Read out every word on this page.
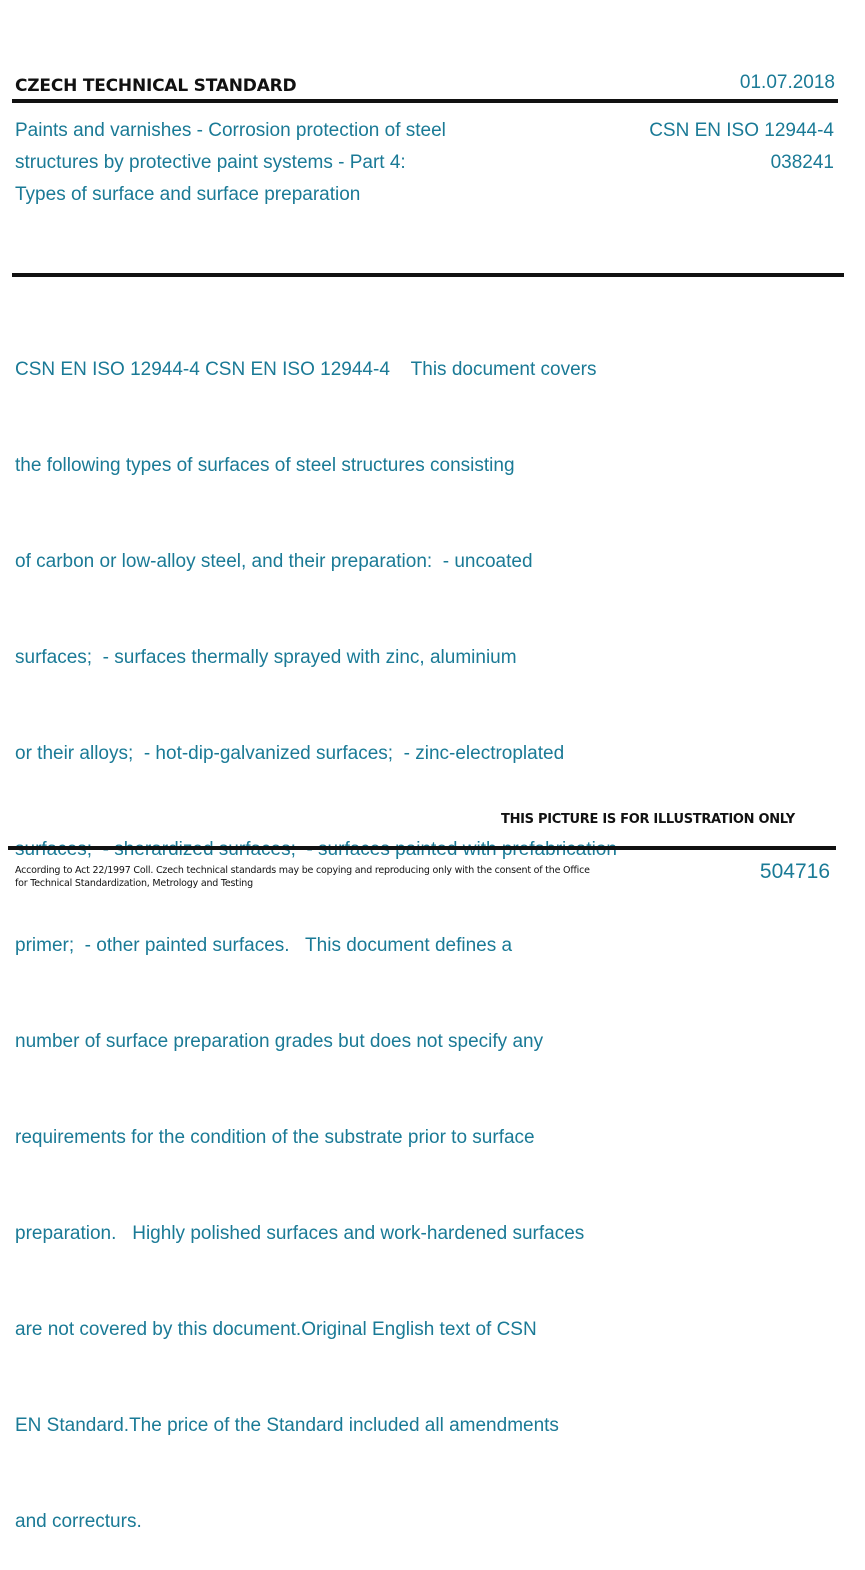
CZECH TECHNICAL STANDARD	01.07.2018
Paints and varnishes - Corrosion protection of steel
structures by protective paint systems - Part 4:
Types of surface and surface preparation
CSN EN ISO 12944-4
038241

CSN EN ISO 12944-4 CSN EN ISO 12944-4    This document covers

the following types of surfaces of steel structures consisting

of carbon or low-alloy steel, and their preparation:  - uncoated

surfaces;  - surfaces thermally sprayed with zinc, aluminium

or their alloys;  - hot-dip-galvanized surfaces;  - zinc-electroplated

primer;  - other painted surfaces.   This document defines a

number of surface preparation grades but does not specify any

requirements for the condition of the substrate prior to surface

preparation.   Highly polished surfaces and work-hardened surfaces

are not covered by this document.Original English text of CSN

EN Standard.The price of the Standard included all amendments

and correcturs.

THIS PICTURE IS FOR ILLUSTRATION ONLY
According to Act 22/1997 Coll. Czech technical standards may be copying and reproducing only with the consent of the Office
for Technical Standardization, Metrology and Testing
504716
